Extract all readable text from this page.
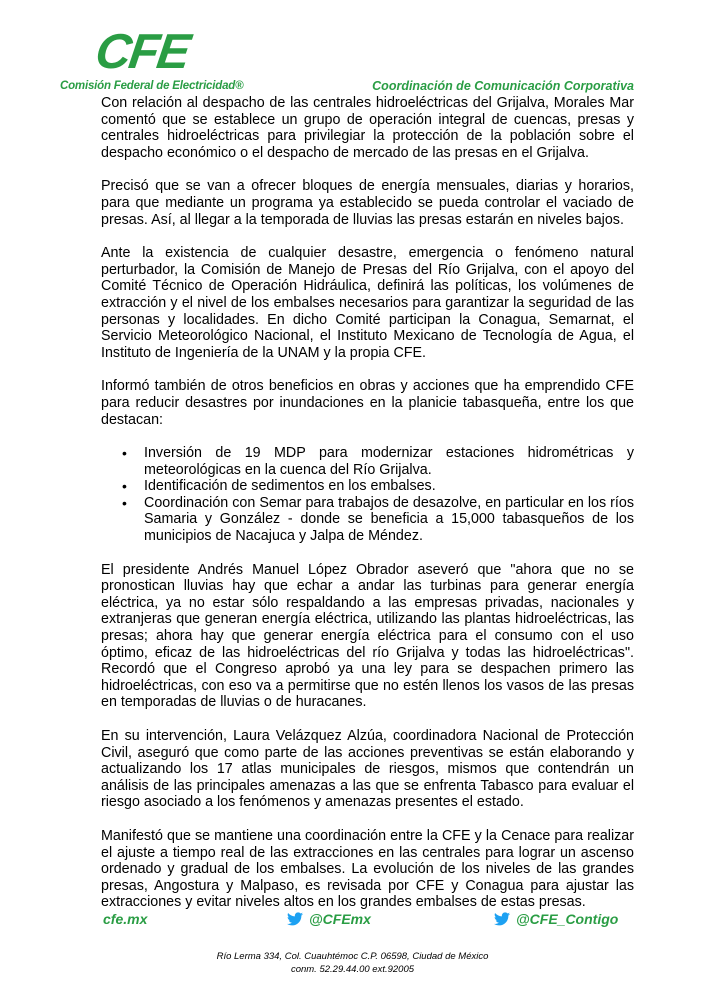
CFE
Comisión Federal de Electricidad®	Coordinación de Comunicación Corporativa

Con relación al despacho de las centrales hidroeléctricas del Grijalva, Morales Mar comentó que se establece un grupo de operación integral de cuencas, presas y centrales hidroeléctricas para privilegiar la protección de la población sobre el despacho económico o el despacho de mercado de las presas en el Grijalva.

Precisó que se van a ofrecer bloques de energía mensuales, diarias y horarios, para que mediante un programa ya establecido se pueda controlar el vaciado de presas. Así, al llegar a la temporada de lluvias las presas estarán en niveles bajos.

Ante la existencia de cualquier desastre, emergencia o fenómeno natural perturbador, la Comisión de Manejo de Presas del Río Grijalva, con el apoyo del Comité Técnico de Operación Hidráulica, definirá las políticas, los volúmenes de extracción y el nivel de los embalses necesarios para garantizar la seguridad de las personas y localidades. En dicho Comité participan la Conagua, Semarnat, el Servicio Meteorológico Nacional, el Instituto Mexicano de Tecnología de Agua, el Instituto de Ingeniería de la UNAM y la propia CFE.

Informó también de otros beneficios en obras y acciones que ha emprendido CFE para reducir desastres por inundaciones en la planicie tabasqueña, entre los que destacan:

• Inversión de 19 MDP para modernizar estaciones hidrométricas y meteorológicas en la cuenca del Río Grijalva.
• Identificación de sedimentos en los embalses.
• Coordinación con Semar para trabajos de desazolve, en particular en los ríos Samaria y González - donde se beneficia a 15,000 tabasqueños de los municipios de Nacajuca y Jalpa de Méndez.

El presidente Andrés Manuel López Obrador aseveró que "ahora que no se pronostican lluvias hay que echar a andar las turbinas para generar energía eléctrica, ya no estar sólo respaldando a las empresas privadas, nacionales y extranjeras que generan energía eléctrica, utilizando las plantas hidroeléctricas, las presas; ahora hay que generar energía eléctrica para el consumo con el uso óptimo, eficaz de las hidroeléctricas del río Grijalva y todas las hidroeléctricas". Recordó que el Congreso aprobó ya una ley para se despachen primero las hidroeléctricas, con eso va a permitirse que no estén llenos los vasos de las presas en temporadas de lluvias o de huracanes.

En su intervención, Laura Velázquez Alzúa, coordinadora Nacional de Protección Civil, aseguró que como parte de las acciones preventivas se están elaborando y actualizando los 17 atlas municipales de riesgos, mismos que contendrán un análisis de las principales amenazas a las que se enfrenta Tabasco para evaluar el riesgo asociado a los fenómenos y amenazas presentes el estado.

Manifestó que se mantiene una coordinación entre la CFE y la Cenace para realizar el ajuste a tiempo real de las extracciones en las centrales para lograr un ascenso ordenado y gradual de los embalses. La evolución de los niveles de las grandes presas, Angostura y Malpaso, es revisada por CFE y Conagua para ajustar las extracciones y evitar niveles altos en los grandes embalses de estas presas.

cfe.mx	@CFEmx	@CFE_Contigo
Río Lerma 334, Col. Cuauhtémoc C.P. 06598, Ciudad de México
conm. 52.29.44.00 ext.92005
